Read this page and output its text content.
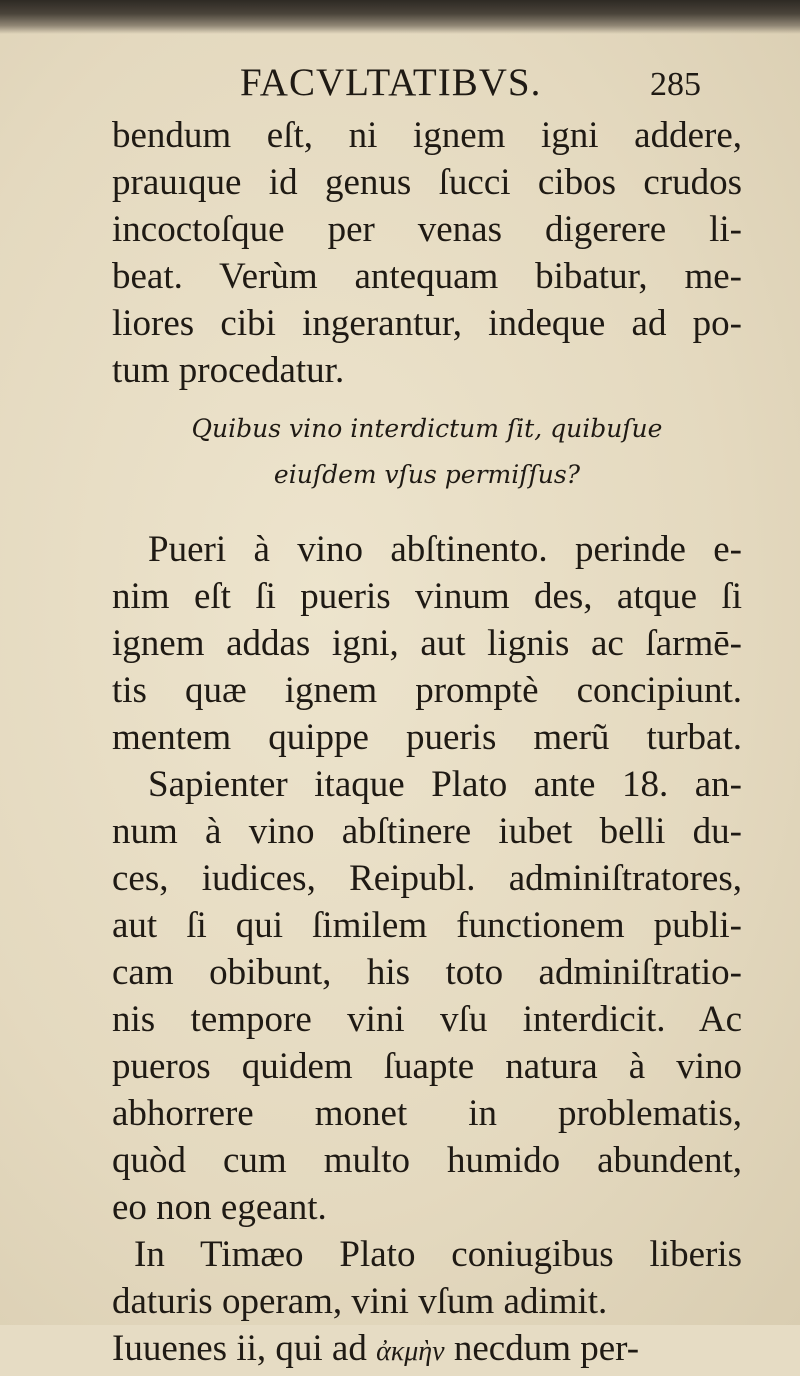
FACVLTATIBVS.	285
bendum eſt, ni ignem igni addere,
prauıque id genus ſucci cibos crudos
incoctoſque per venas digerere li-
beat. Verùm antequam bibatur, me-
liores cibi ingerantur, indeque ad po-
tum procedatur.
Quibus vino interdictum ſit, quibuſue
eiuſdem vſus permiſſus?
Pueri à vino abſtinento. perinde e-
nim eſt ſi pueris vinum des, atque ſi
ignem addas igni, aut lignis ac ſarmē-
tis quæ ignem promptè concipiunt.
mentem quippe pueris merũ turbat.
Sapienter itaque Plato ante 18. an-
num à vino abſtinere iubet belli du-
ces, iudices, Reipubl. adminiſtratores,
aut ſi qui ſimilem functionem publi-
cam obibunt, his toto adminiſtratio-
nis tempore vini vſu interdicit. Ac
pueros quidem ſuapte natura à vino
abhorrere monet in problematis,
quòd cum multo humido abundent,
eo non egeant.
In Timæo Plato coniugibus liberis
daturis operam, vini vſum adimit.
Iuuenes ii, qui ad ἀκμὴν necdum per-
